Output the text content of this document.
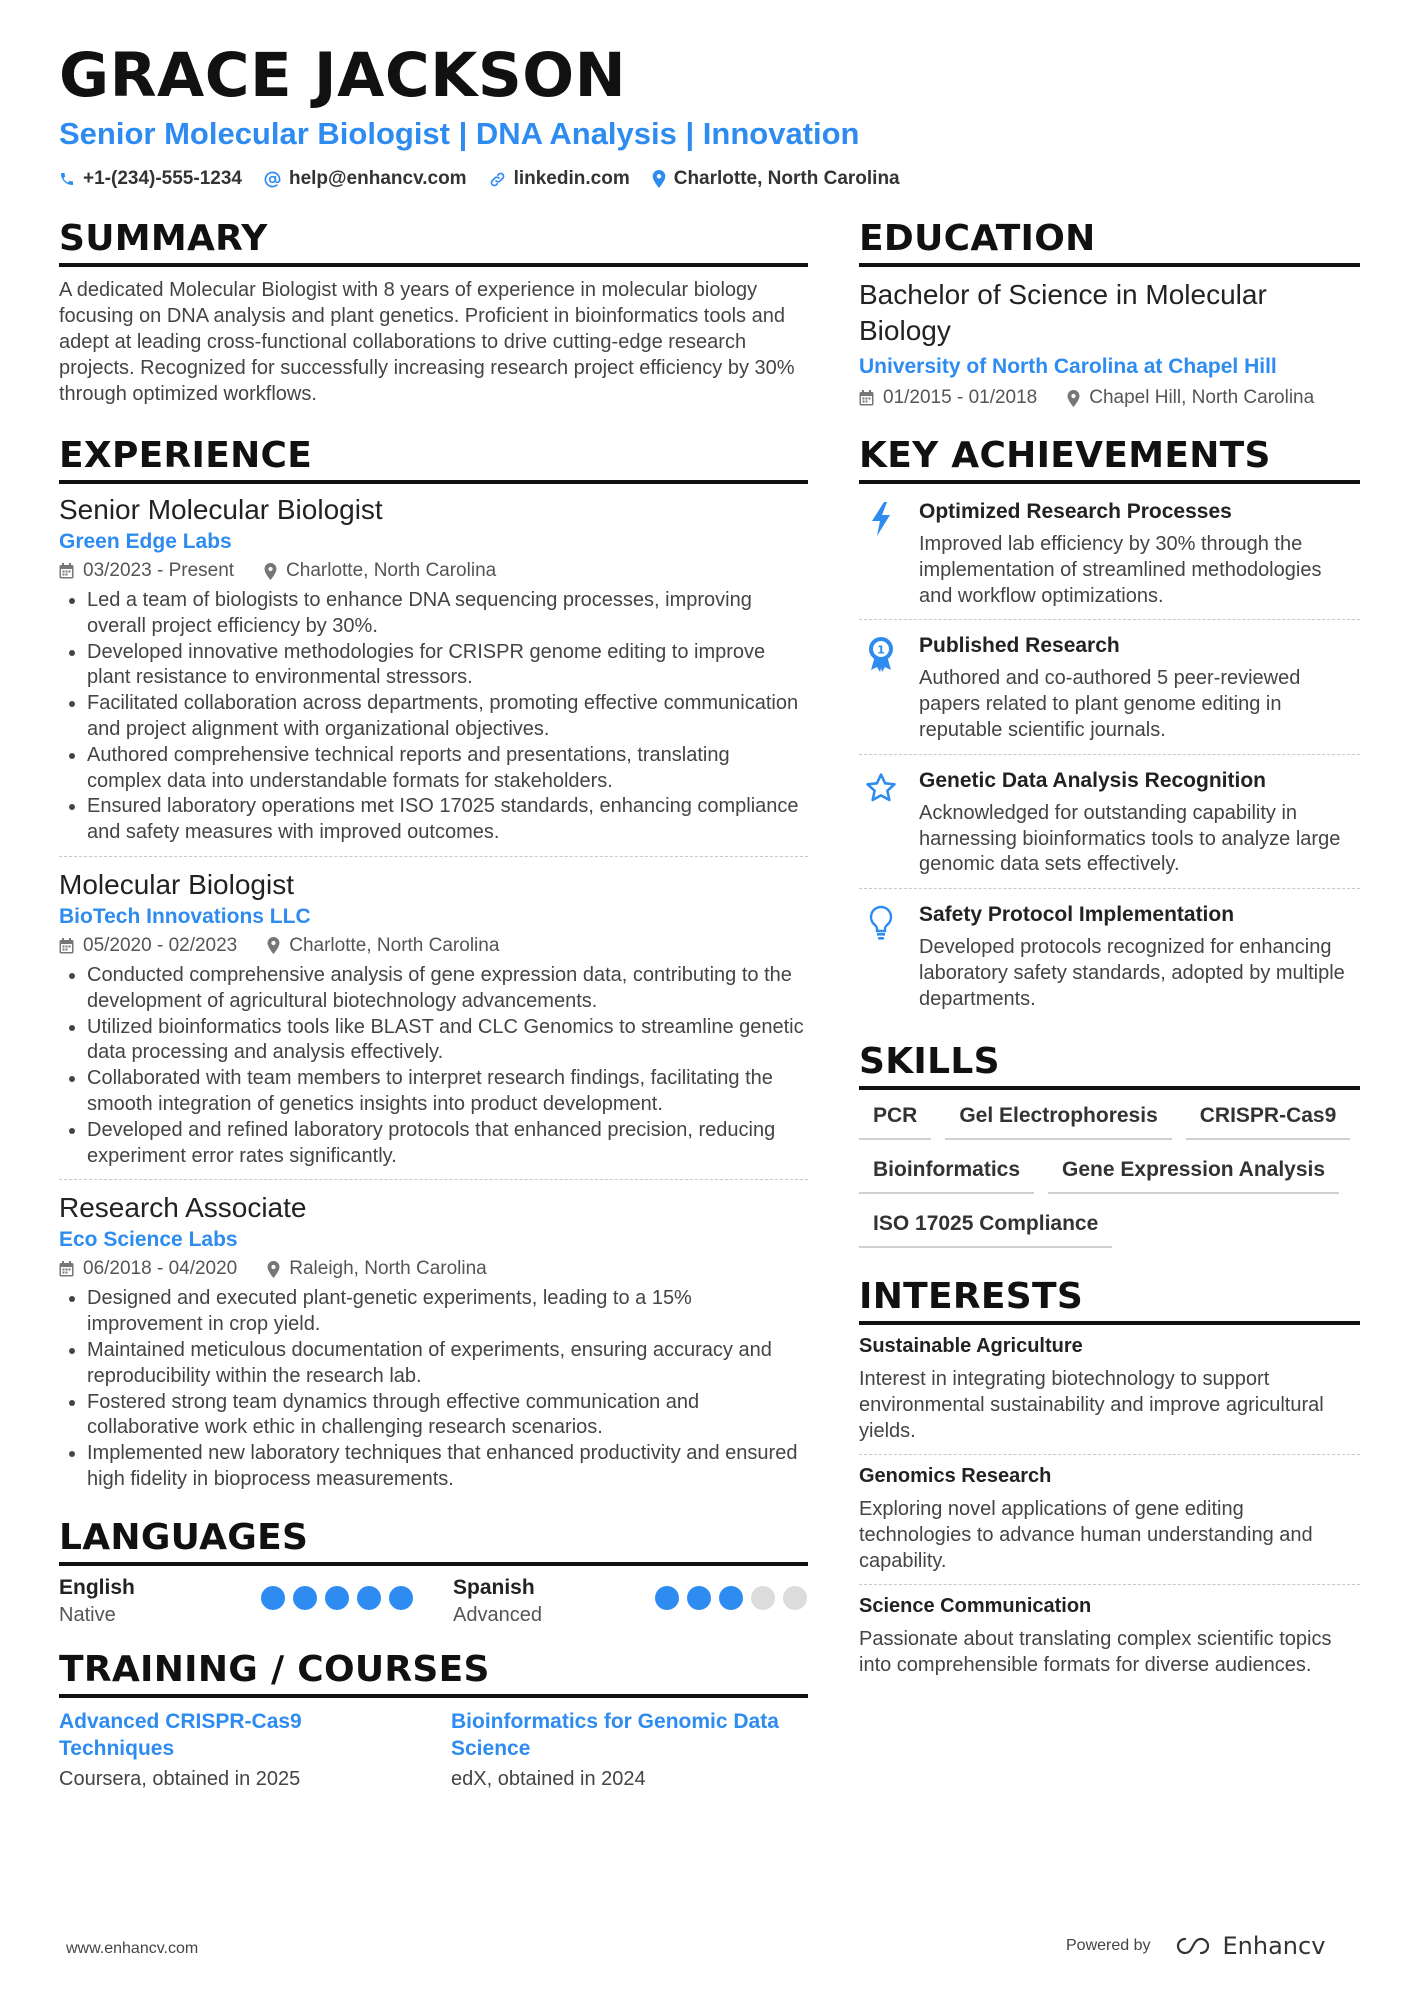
GRACE JACKSON
Senior Molecular Biologist | DNA Analysis | Innovation
+1-(234)-555-1234 help@enhancv.com linkedin.com Charlotte, North Carolina
SUMMARY

A dedicated Molecular Biologist with 8 years of experience in molecular biology focusing on DNA analysis and plant genetics. Proficient in bioinformatics tools and adept at leading cross-functional collaborations to drive cutting-edge research projects. Recognized for successfully increasing research project efficiency by 30% through optimized workflows.

EXPERIENCE
Senior Molecular Biologist
Green Edge Labs
03/2023 - Present	Charlotte, North Carolina
• Led a team of biologists to enhance DNA sequencing processes, improving overall project efficiency by 30%.
• Developed innovative methodologies for CRISPR genome editing to improve plant resistance to environmental stressors.
• Facilitated collaboration across departments, promoting effective communication and project alignment with organizational objectives.
• Authored comprehensive technical reports and presentations, translating complex data into understandable formats for stakeholders.
• Ensured laboratory operations met ISO 17025 standards, enhancing compliance and safety measures with improved outcomes.
Molecular Biologist
BioTech Innovations LLC
05/2020 - 02/2023	Charlotte, North Carolina
• Conducted comprehensive analysis of gene expression data, contributing to the development of agricultural biotechnology advancements.
• Utilized bioinformatics tools like BLAST and CLC Genomics to streamline genetic data processing and analysis effectively.
• Collaborated with team members to interpret research findings, facilitating the smooth integration of genetics insights into product development.
• Developed and refined laboratory protocols that enhanced precision, reducing experiment error rates significantly.
Research Associate
Eco Science Labs
06/2018 - 04/2020	Raleigh, North Carolina
• Designed and executed plant-genetic experiments, leading to a 15% improvement in crop yield.
• Maintained meticulous documentation of experiments, ensuring accuracy and reproducibility within the research lab.
• Fostered strong team dynamics through effective communication and collaborative work ethic in challenging research scenarios.
• Implemented new laboratory techniques that enhanced productivity and ensured high fidelity in bioprocess measurements.
LANGUAGES
English
Native
Spanish
Advanced
TRAINING / COURSES
Advanced CRISPR-Cas9 Techniques
Coursera, obtained in 2025
Bioinformatics for Genomic Data Science
edX, obtained in 2024
EDUCATION
Bachelor of Science in Molecular Biology
University of North Carolina at Chapel Hill
01/2015 - 01/2018	Chapel Hill, North Carolina
KEY ACHIEVEMENTS
Optimized Research Processes
Improved lab efficiency by 30% through the implementation of streamlined methodologies and workflow optimizations.
1 Published Research
Authored and co-authored 5 peer-reviewed papers related to plant genome editing in reputable scientific journals.
Genetic Data Analysis Recognition
Acknowledged for outstanding capability in harnessing bioinformatics tools to analyze large genomic data sets effectively.
Safety Protocol Implementation
Developed protocols recognized for enhancing laboratory safety standards, adopted by multiple departments.
SKILLS
PCR	Gel Electrophoresis	CRISPR-Cas9
Bioinformatics	Gene Expression Analysis
ISO 17025 Compliance
INTERESTS
Sustainable Agriculture

Interest in integrating biotechnology to support environmental sustainability and improve agricultural yields.

Genomics Research

Exploring novel applications of gene editing technologies to advance human understanding and capability.

Science Communication

Passionate about translating complex scientific topics into comprehensible formats for diverse audiences.

www.enhancv.com	Powered by	Enhancv
